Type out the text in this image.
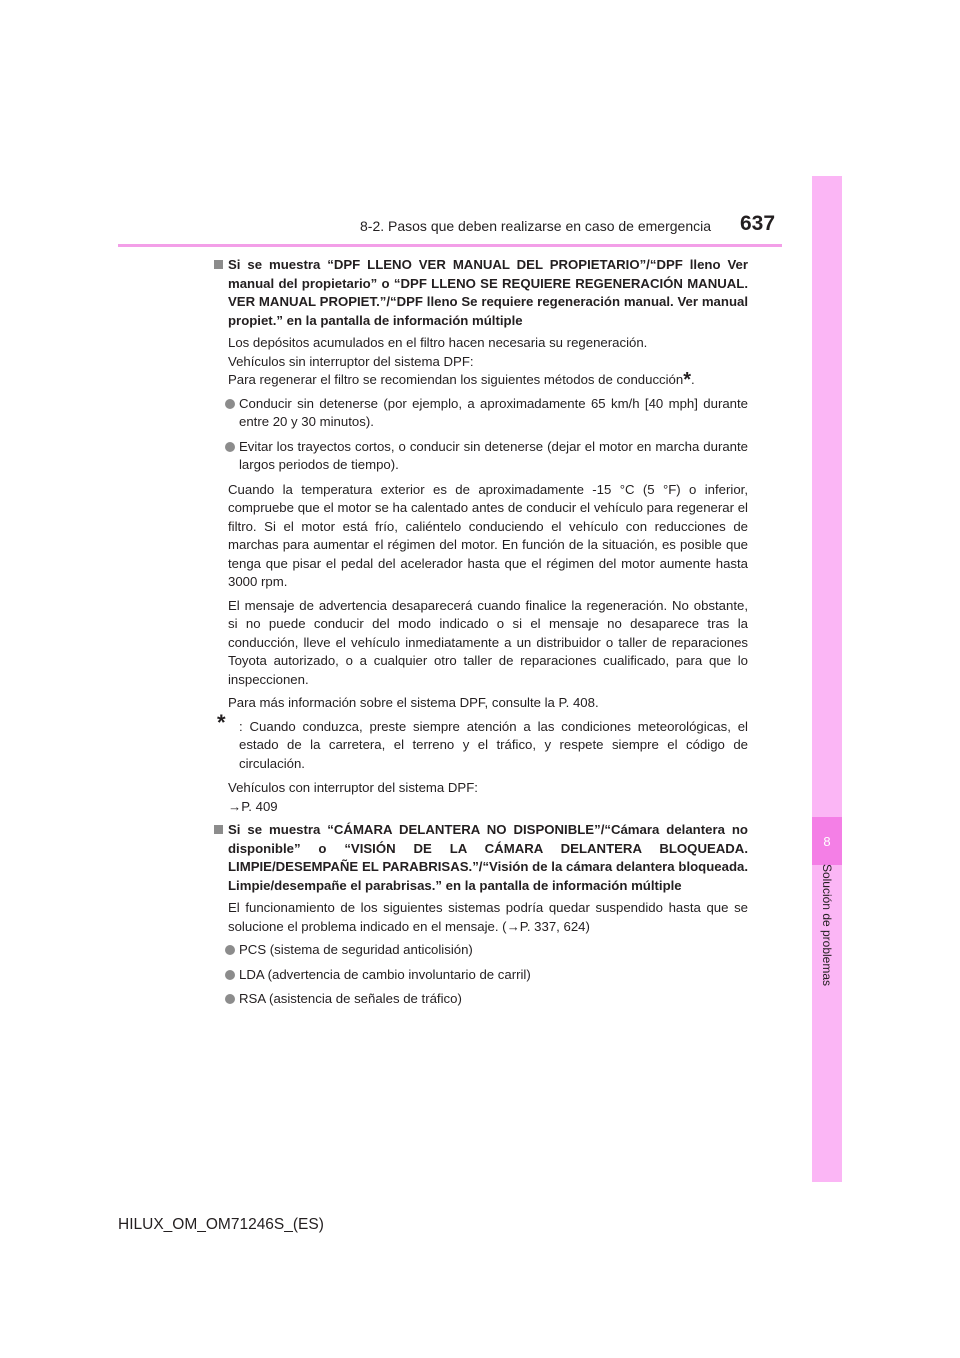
8-2. Pasos que deben realizarse en caso de emergencia 637
8
Solución de problemas
Si se muestra “DPF LLENO VER MANUAL DEL PROPIETARIO”/“DPF lleno Ver manual del propietario” o “DPF LLENO SE REQUIERE REGENERACIÓN MANUAL. VER MANUAL PROPIET.”/“DPF lleno Se requiere regeneración manual. Ver manual propiet.” en la pantalla de información múltiple
Los depósitos acumulados en el filtro hacen necesaria su regeneración.
Vehículos sin interruptor del sistema DPF:
Para regenerar el filtro se recomiendan los siguientes métodos de conducción*.
Conducir sin detenerse (por ejemplo, a aproximadamente 65 km/h [40 mph] durante entre 20 y 30 minutos).
Evitar los trayectos cortos, o conducir sin detenerse (dejar el motor en marcha durante largos periodos de tiempo).
Cuando la temperatura exterior es de aproximadamente -15 °C (5 °F) o inferior, compruebe que el motor se ha calentado antes de conducir el vehículo para regenerar el filtro. Si el motor está frío, caliéntelo conduciendo el vehículo con reducciones de marchas para aumentar el régimen del motor. En función de la situación, es posible que tenga que pisar el pedal del acelerador hasta que el régimen del motor aumente hasta 3000 rpm.
El mensaje de advertencia desaparecerá cuando finalice la regeneración. No obstante, si no puede conducir del modo indicado o si el mensaje no desaparece tras la conducción, lleve el vehículo inmediatamente a un distribuidor o taller de reparaciones Toyota autorizado, o a cualquier otro taller de reparaciones cualificado, para que lo inspeccionen.
Para más información sobre el sistema DPF, consulte la P. 408.
* : Cuando conduzca, preste siempre atención a las condiciones meteorológicas, el estado de la carretera, el terreno y el tráfico, y respete siempre el código de circulación.
Vehículos con interruptor del sistema DPF:
→P. 409
Si se muestra “CÁMARA DELANTERA NO DISPONIBLE”/“Cámara delantera no disponible” o “VISIÓN DE LA CÁMARA DELANTERA BLOQUEADA. LIMPIE/DESEMPAÑE EL PARABRISAS.”/“Visión de la cámara delantera bloqueada. Limpie/desempañe el parabrisas.” en la pantalla de información múltiple
El funcionamiento de los siguientes sistemas podría quedar suspendido hasta que se solucione el problema indicado en el mensaje. (→P. 337, 624)
PCS (sistema de seguridad anticolisión)
LDA (advertencia de cambio involuntario de carril)
RSA (asistencia de señales de tráfico)
HILUX_OM_OM71246S_(ES)
